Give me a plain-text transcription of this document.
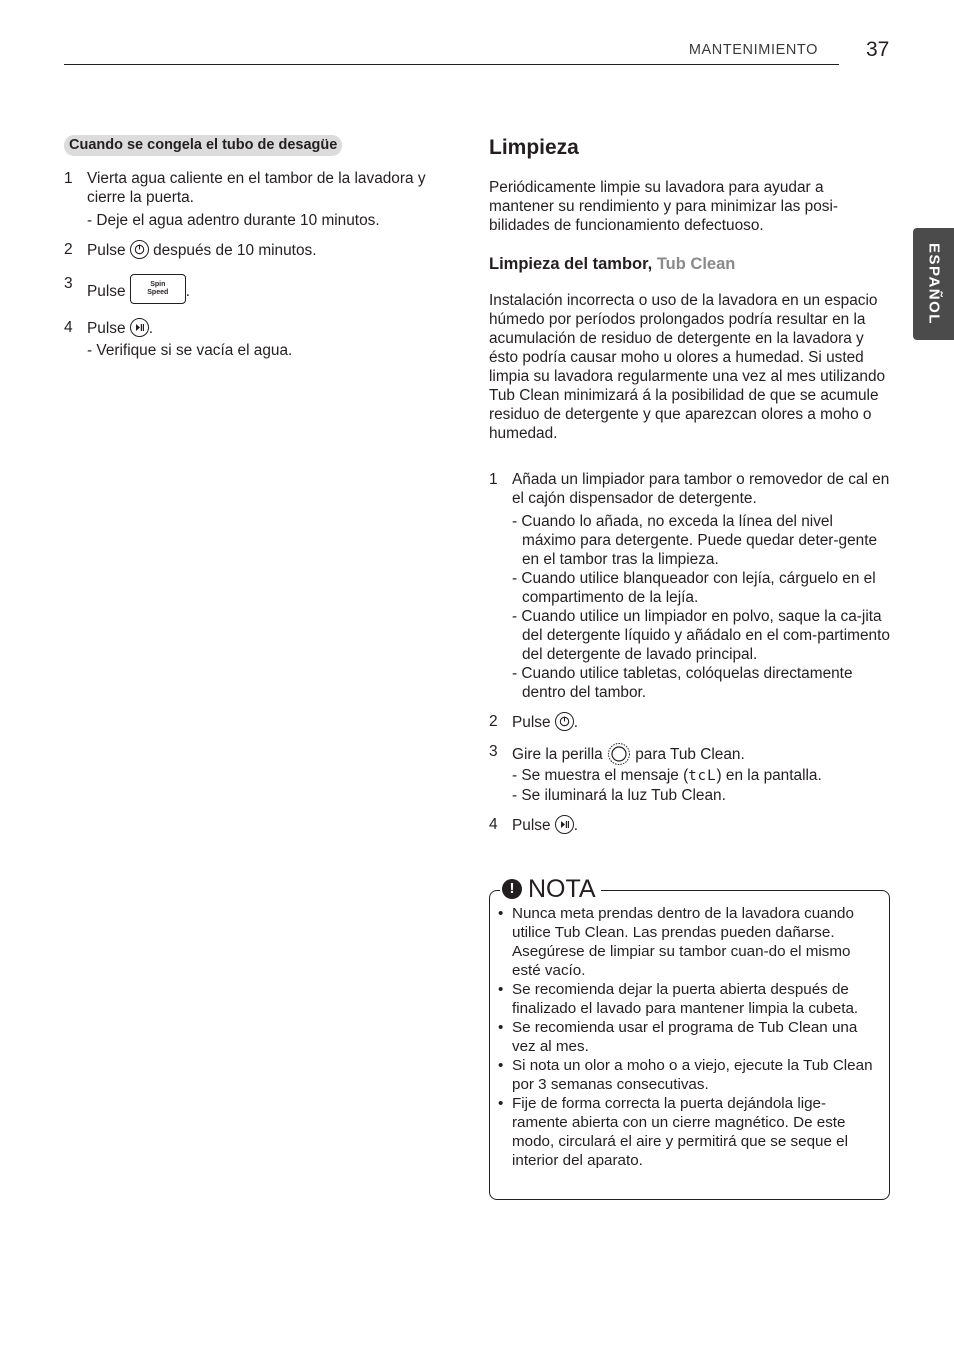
MANTENIMIENTO 37
ESPAÑOL
Cuando se congela el tubo de desagüe
1 Vierta agua caliente en el tambor de la lavadora y cierre la puerta.

- Deje el agua adentro durante 10 minutos.

2 Pulse después de 10 minutos.
3 Pulse	Spin
Speed	.
4 Pulse .

- Verifique si se vacía el agua.

Limpieza

Periódicamente limpie su lavadora para ayudar a mantener su rendimiento y para minimizar las posi-bilidades de funcionamiento defectuoso.

Limpieza del tambor, Tub Clean

Instalación incorrecta o uso de la lavadora en un espacio húmedo por períodos prolongados podría resultar en la acumulación de residuo de detergente en la lavadora y ésto podría causar moho u olores a humedad. Si usted limpia su lavadora regularmente una vez al mes utilizando Tub Clean minimizará á la posibilidad de que se acumule residuo de detergente y que aparezcan olores a moho o humedad.

1 Añada un limpiador para tambor o removedor de cal en el cajón dispensador de detergente.

- Cuando lo añada, no exceda la línea del nivel máximo para detergente. Puede quedar deter-gente en el tambor tras la limpieza.

- Cuando utilice blanqueador con lejía, cárguelo en el compartimento de la lejía.

- Cuando utilice un limpiador en polvo, saque la ca-jita del detergente líquido y añádalo en el com-partimento del detergente de lavado principal.

- Cuando utilice tabletas, colóquelas directamente dentro del tambor.

2 Pulse .
3 Gire la perilla para Tub Clean.

- Se muestra el mensaje (tcL) en la pantalla.

- Se iluminará la luz Tub Clean.

4 Pulse .
! NOTA
• Nunca meta prendas dentro de la lavadora cuando utilice Tub Clean. Las prendas pueden dañarse. Asegúrese de limpiar su tambor cuan-do el mismo esté vacío.
• Se recomienda dejar la puerta abierta después de finalizado el lavado para mantener limpia la cubeta.
• Se recomienda usar el programa de Tub Clean una vez al mes.
• Si nota un olor a moho o a viejo, ejecute la Tub Clean por 3 semanas consecutivas.
• Fije de forma correcta la puerta dejándola lige-ramente abierta con un cierre magnético. De este modo, circulará el aire y permitirá que se seque el interior del aparato.
